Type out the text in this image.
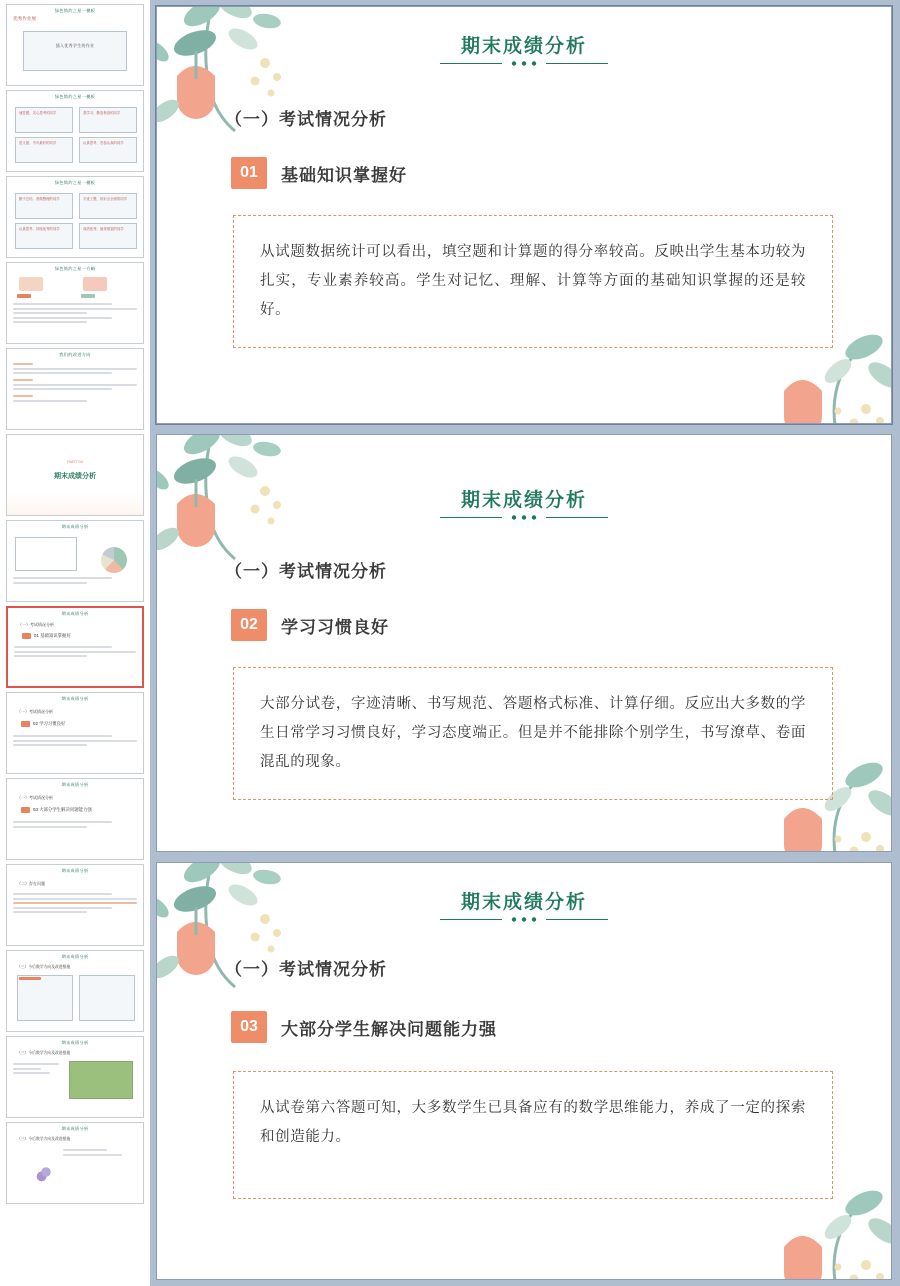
绿色简约之星一模板
优秀作业展
插入优秀学生的作业
绿色简约之星一模板
速答题、灵心思考的同学	善学习、勤复核查的同学
语文团、书写最好的同学	认真思考、答卷认真的同学
绿色简约之星一模板
勤于总结、善做整理的同学	字迹工整、知识点全面的同学
认真思考、持续优秀的同学	成绩优秀、值得借鉴的同学
绿色简约之星一方略
我们的改进方向
PART 03
期末成绩分析
期末成绩分析
期末成绩分析
（一）考试情况分析
01 基础知识掌握好
期末成绩分析
（一）考试情况分析
02 学习习惯良好
期末成绩分析
（一）考试情况分析
03 大部分学生解决问题能力强
期末成绩分析
（二）存在问题
期末成绩分析
（三）今后数学方向及改进措施
期末成绩分析
（三）今后数学方向及改进措施
期末成绩分析
（三）今后数学方向及改进措施
期末成绩分析
（一）考试情况分析
01	基础知识掌握好
从试题数据统计可以看出，填空题和计算题的得分率较高。反映出学生基本功较为扎实，专业素养较高。学生对记忆、理解、计算等方面的基础知识掌握的还是较好。
期末成绩分析
（一）考试情况分析
02	学习习惯良好
大部分试卷，字迹清晰、书写规范、答题格式标准、计算仔细。反应出大多数的学生日常学习习惯良好，学习态度端正。但是并不能排除个别学生，书写潦草、卷面混乱的现象。
期末成绩分析
（一）考试情况分析
03	大部分学生解决问题能力强
从试卷第六答题可知，大多数学生已具备应有的数学思维能力，养成了一定的探索和创造能力。
